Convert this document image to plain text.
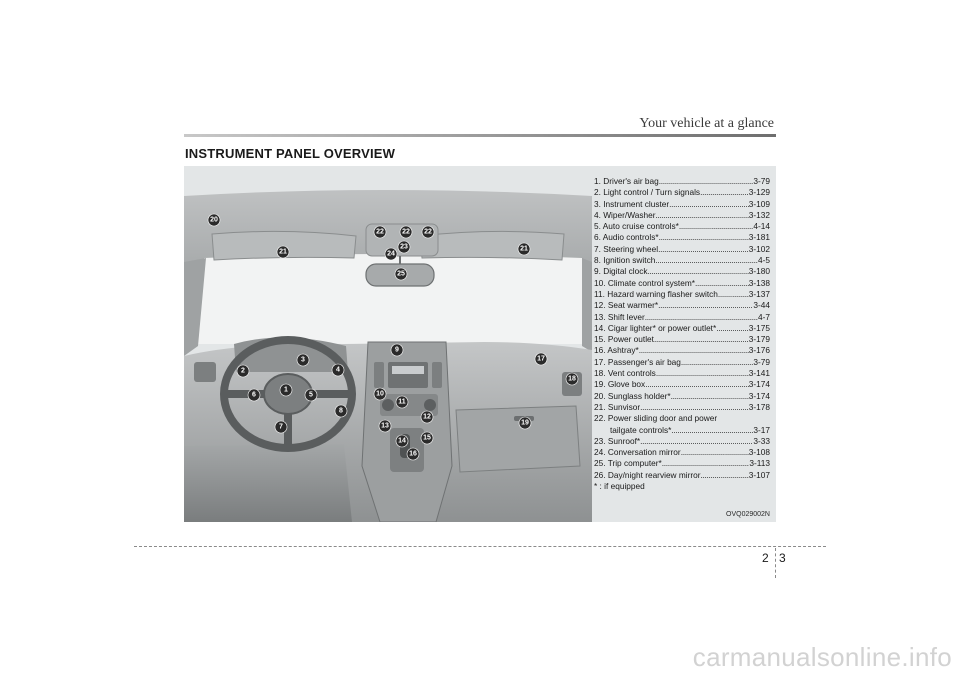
Your vehicle at a glance
INSTRUMENT PANEL OVERVIEW
1
2
3
4
5
6
7
8
9
10
11
12
13
14 15
16
17
18
19
20
21	21
22	22 22
23
24
25
1. Driver's air bag .....	3-79
2. Light control / Turn signals .....	3-129
3. Instrument cluster .....	3-109
4. Wiper/Washer .....	3-132
5. Auto cruise controls* .....	4-14
6. Audio controls* .....	3-181
7. Steering wheel .....	3-102
8. Ignition switch .....	4-5
9. Digital clock .....	3-180
10. Climate control system* .....	3-138
11. Hazard warning flasher switch .....	3-137
12. Seat warmer* .....	3-44
13. Shift lever .....	4-7
14. Cigar lighter* or power outlet* .....	3-175
15. Power outlet .....	3-179
16. Ashtray* .....	3-176
17. Passenger's air bag .....	3-79
18. Vent controls .....	3-141
19. Glove box .....	3-174
20. Sunglass holder* .....	3-174
21. Sunvisor .....	3-178
22. Power sliding door and power
tailgate controls* .....	3-17
23. Sunroof* .....	3-33
24. Conversation mirror .....	3-108
25. Trip computer* .....	3-113
26. Day/night rearview mirror .....	3-107
* : if equipped
OVQ029002N
2 3
carmanualsonline.info
